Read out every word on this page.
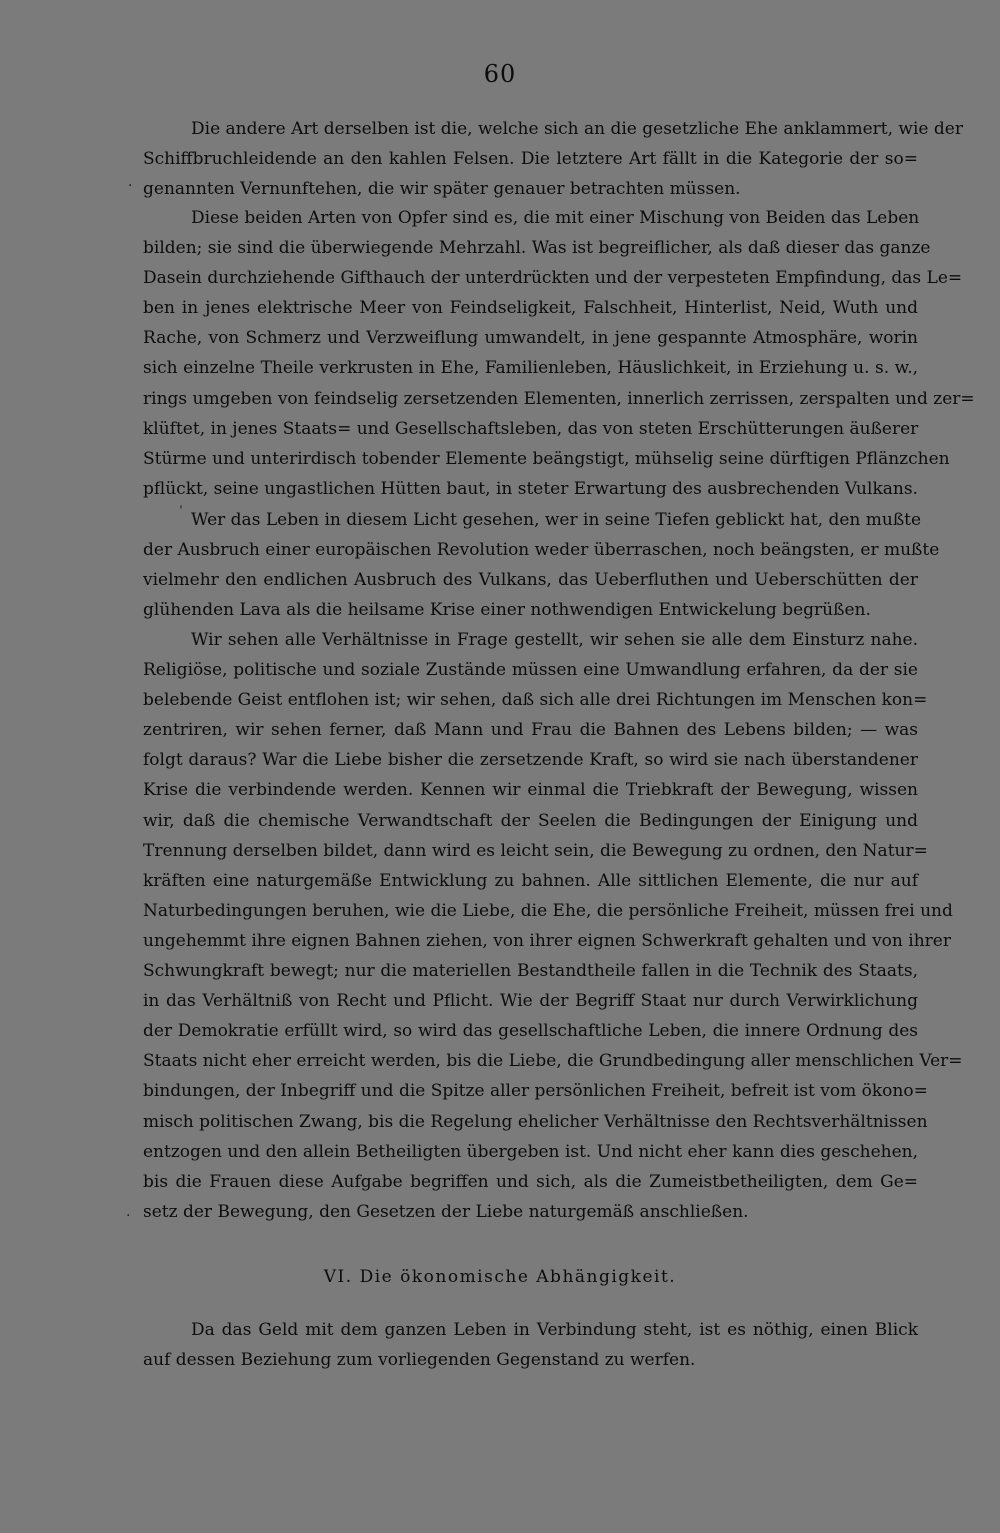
60
Die andere Art derselben ist die, welche sich an die gesetzliche Ehe anklammert, wie der
Schiffbruchleidende an den kahlen Felsen. Die letztere Art fällt in die Kategorie der so=
genannten Vernunftehen, die wir später genauer betrachten müssen.
Diese beiden Arten von Opfer sind es, die mit einer Mischung von Beiden das Leben
bilden; sie sind die überwiegende Mehrzahl. Was ist begreiflicher, als daß dieser das ganze
Dasein durchziehende Gifthauch der unterdrückten und der verpesteten Empfindung, das Le=
ben in jenes elektrische Meer von Feindseligkeit, Falschheit, Hinterlist, Neid, Wuth und
Rache, von Schmerz und Verzweiflung umwandelt, in jene gespannte Atmosphäre, worin
sich einzelne Theile verkrusten in Ehe, Familienleben, Häuslichkeit, in Erziehung u. s. w.,
rings umgeben von feindselig zersetzenden Elementen, innerlich zerrissen, zerspalten und zer=
klüftet, in jenes Staats= und Gesellschaftsleben, das von steten Erschütterungen äußerer
Stürme und unterirdisch tobender Elemente beängstigt, mühselig seine dürftigen Pflänzchen
pflückt, seine ungastlichen Hütten baut, in steter Erwartung des ausbrechenden Vulkans.
Wer das Leben in diesem Licht gesehen, wer in seine Tiefen geblickt hat, den mußte
der Ausbruch einer europäischen Revolution weder überraschen, noch beängsten, er mußte
vielmehr den endlichen Ausbruch des Vulkans, das Ueberfluthen und Ueberschütten der
glühenden Lava als die heilsame Krise einer nothwendigen Entwickelung begrüßen.
Wir sehen alle Verhältnisse in Frage gestellt, wir sehen sie alle dem Einsturz nahe.
Religiöse, politische und soziale Zustände müssen eine Umwandlung erfahren, da der sie
belebende Geist entflohen ist; wir sehen, daß sich alle drei Richtungen im Menschen kon=
zentriren, wir sehen ferner, daß Mann und Frau die Bahnen des Lebens bilden; — was
folgt daraus? War die Liebe bisher die zersetzende Kraft, so wird sie nach überstandener
Krise die verbindende werden. Kennen wir einmal die Triebkraft der Bewegung, wissen
wir, daß die chemische Verwandtschaft der Seelen die Bedingungen der Einigung und
Trennung derselben bildet, dann wird es leicht sein, die Bewegung zu ordnen, den Natur=
kräften eine naturgemäße Entwicklung zu bahnen. Alle sittlichen Elemente, die nur auf
Naturbedingungen beruhen, wie die Liebe, die Ehe, die persönliche Freiheit, müssen frei und
ungehemmt ihre eignen Bahnen ziehen, von ihrer eignen Schwerkraft gehalten und von ihrer
Schwungkraft bewegt; nur die materiellen Bestandtheile fallen in die Technik des Staats,
in das Verhältniß von Recht und Pflicht. Wie der Begriff Staat nur durch Verwirklichung
der Demokratie erfüllt wird, so wird das gesellschaftliche Leben, die innere Ordnung des
Staats nicht eher erreicht werden, bis die Liebe, die Grundbedingung aller menschlichen Ver=
bindungen, der Inbegriff und die Spitze aller persönlichen Freiheit, befreit ist vom ökono=
misch politischen Zwang, bis die Regelung ehelicher Verhältnisse den Rechtsverhältnissen
entzogen und den allein Betheiligten übergeben ist. Und nicht eher kann dies geschehen,
bis die Frauen diese Aufgabe begriffen und sich, als die Zumeistbetheiligten, dem Ge=
setz der Bewegung, den Gesetzen der Liebe naturgemäß anschließen.
VI. Die ökonomische Abhängigkeit.
Da das Geld mit dem ganzen Leben in Verbindung steht, ist es nöthig, einen Blick
auf dessen Beziehung zum vorliegenden Gegenstand zu werfen.
·
ˈ
.
